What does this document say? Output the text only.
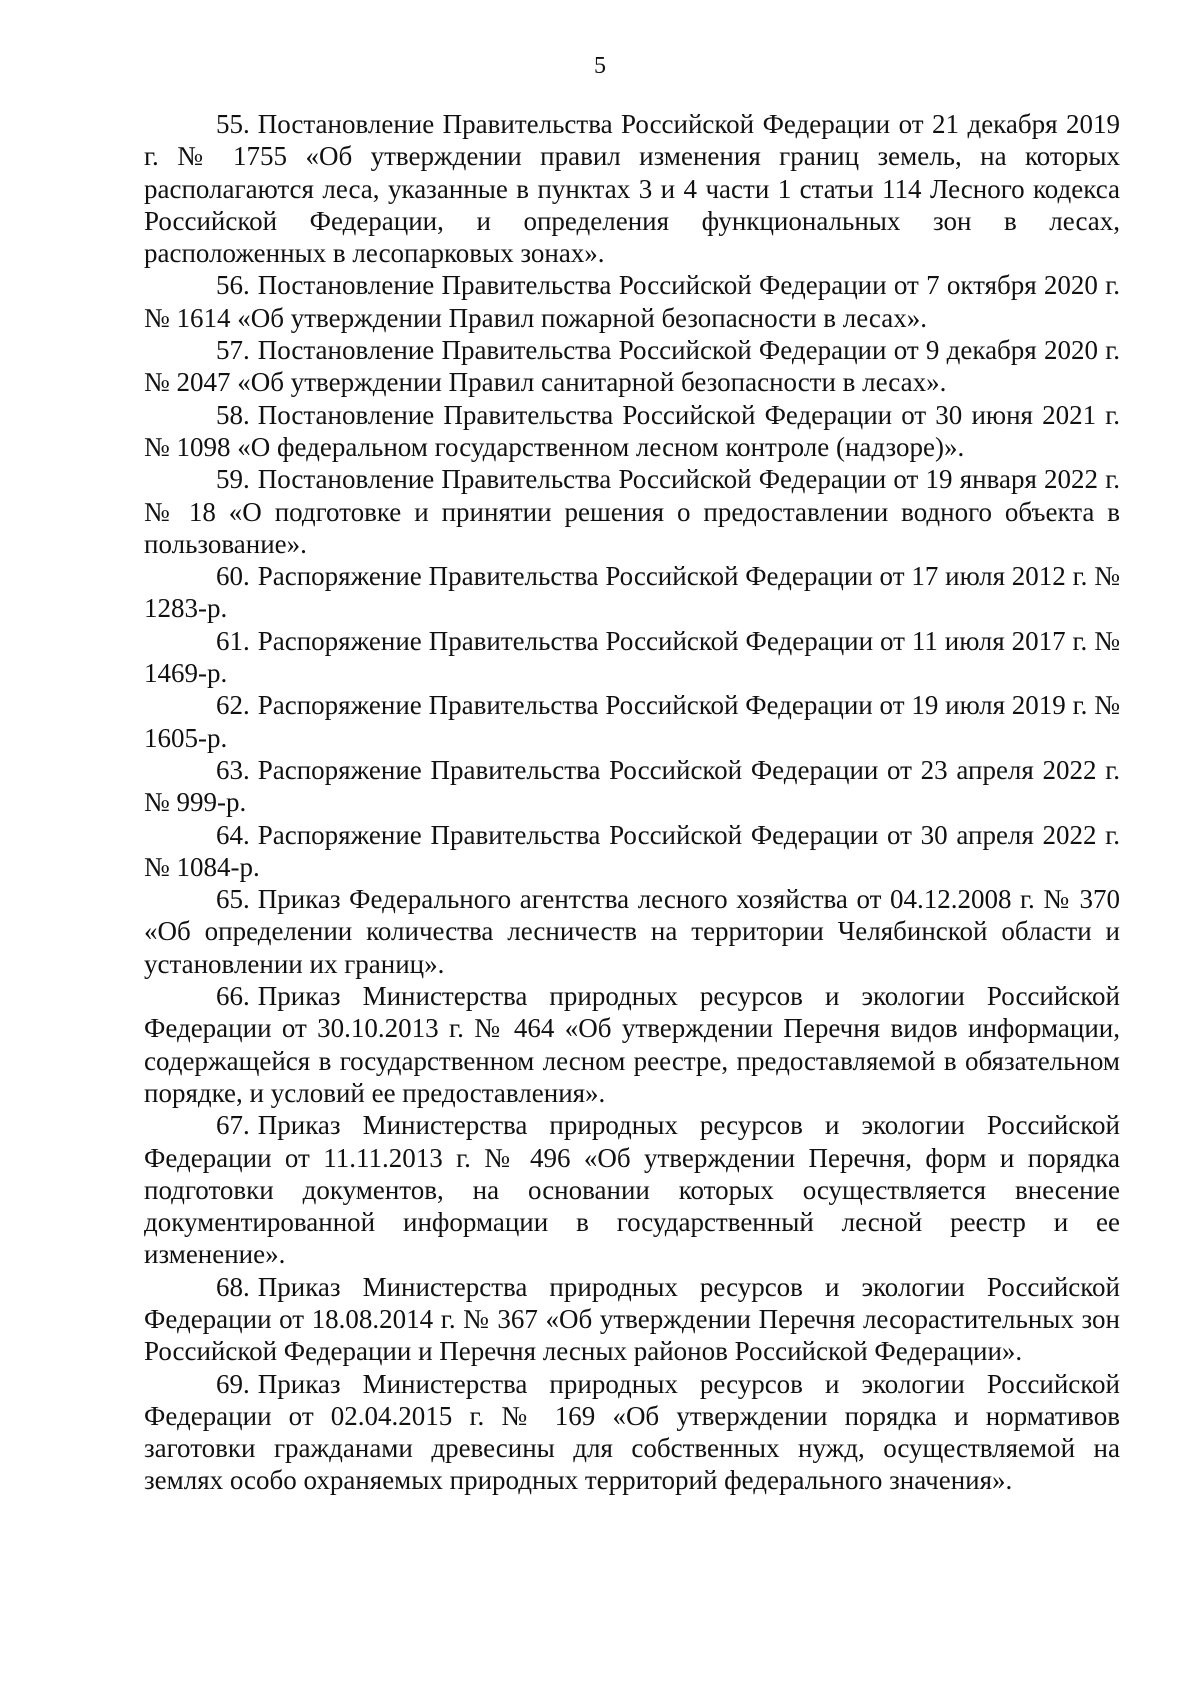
5
55. Постановление Правительства Российской Федерации от 21 декабря 2019 г. № 1755 «Об утверждении правил изменения границ земель, на которых располагаются леса, указанные в пунктах 3 и 4 части 1 статьи 114 Лесного кодекса Российской Федерации, и определения функциональных зон в лесах, расположенных в лесопарковых зонах».
56. Постановление Правительства Российской Федерации от 7 октября 2020 г. № 1614 «Об утверждении Правил пожарной безопасности в лесах».
57. Постановление Правительства Российской Федерации от 9 декабря 2020 г. № 2047 «Об утверждении Правил санитарной безопасности в лесах».
58. Постановление Правительства Российской Федерации от 30 июня 2021 г. № 1098 «О федеральном государственном лесном контроле (надзоре)».
59. Постановление Правительства Российской Федерации от 19 января 2022 г. № 18 «О подготовке и принятии решения о предоставлении водного объекта в пользование».
60. Распоряжение Правительства Российской Федерации от 17 июля 2012 г. № 1283-р.
61. Распоряжение Правительства Российской Федерации от 11 июля 2017 г. № 1469-р.
62. Распоряжение Правительства Российской Федерации от 19 июля 2019 г. № 1605-р.
63. Распоряжение Правительства Российской Федерации от 23 апреля 2022 г. № 999-р.
64. Распоряжение Правительства Российской Федерации от 30 апреля 2022 г. № 1084-р.
65. Приказ Федерального агентства лесного хозяйства от 04.12.2008 г. № 370 «Об определении количества лесничеств на территории Челябинской области и установлении их границ».
66. Приказ Министерства природных ресурсов и экологии Российской Федерации от 30.10.2013 г. № 464 «Об утверждении Перечня видов информации, содержащейся в государственном лесном реестре, предоставляемой в обязательном порядке, и условий ее предоставления».
67. Приказ Министерства природных ресурсов и экологии Российской Федерации от 11.11.2013 г. № 496 «Об утверждении Перечня, форм и порядка подготовки документов, на основании которых осуществляется внесение документированной информации в государственный лесной реестр и ее изменение».
68. Приказ Министерства природных ресурсов и экологии Российской Федерации от 18.08.2014 г. № 367 «Об утверждении Перечня лесорастительных зон Российской Федерации и Перечня лесных районов Российской Федерации».
69. Приказ Министерства природных ресурсов и экологии Российской Федерации от 02.04.2015 г. № 169 «Об утверждении порядка и нормативов заготовки гражданами древесины для собственных нужд, осуществляемой на землях особо охраняемых природных территорий федерального значения».
